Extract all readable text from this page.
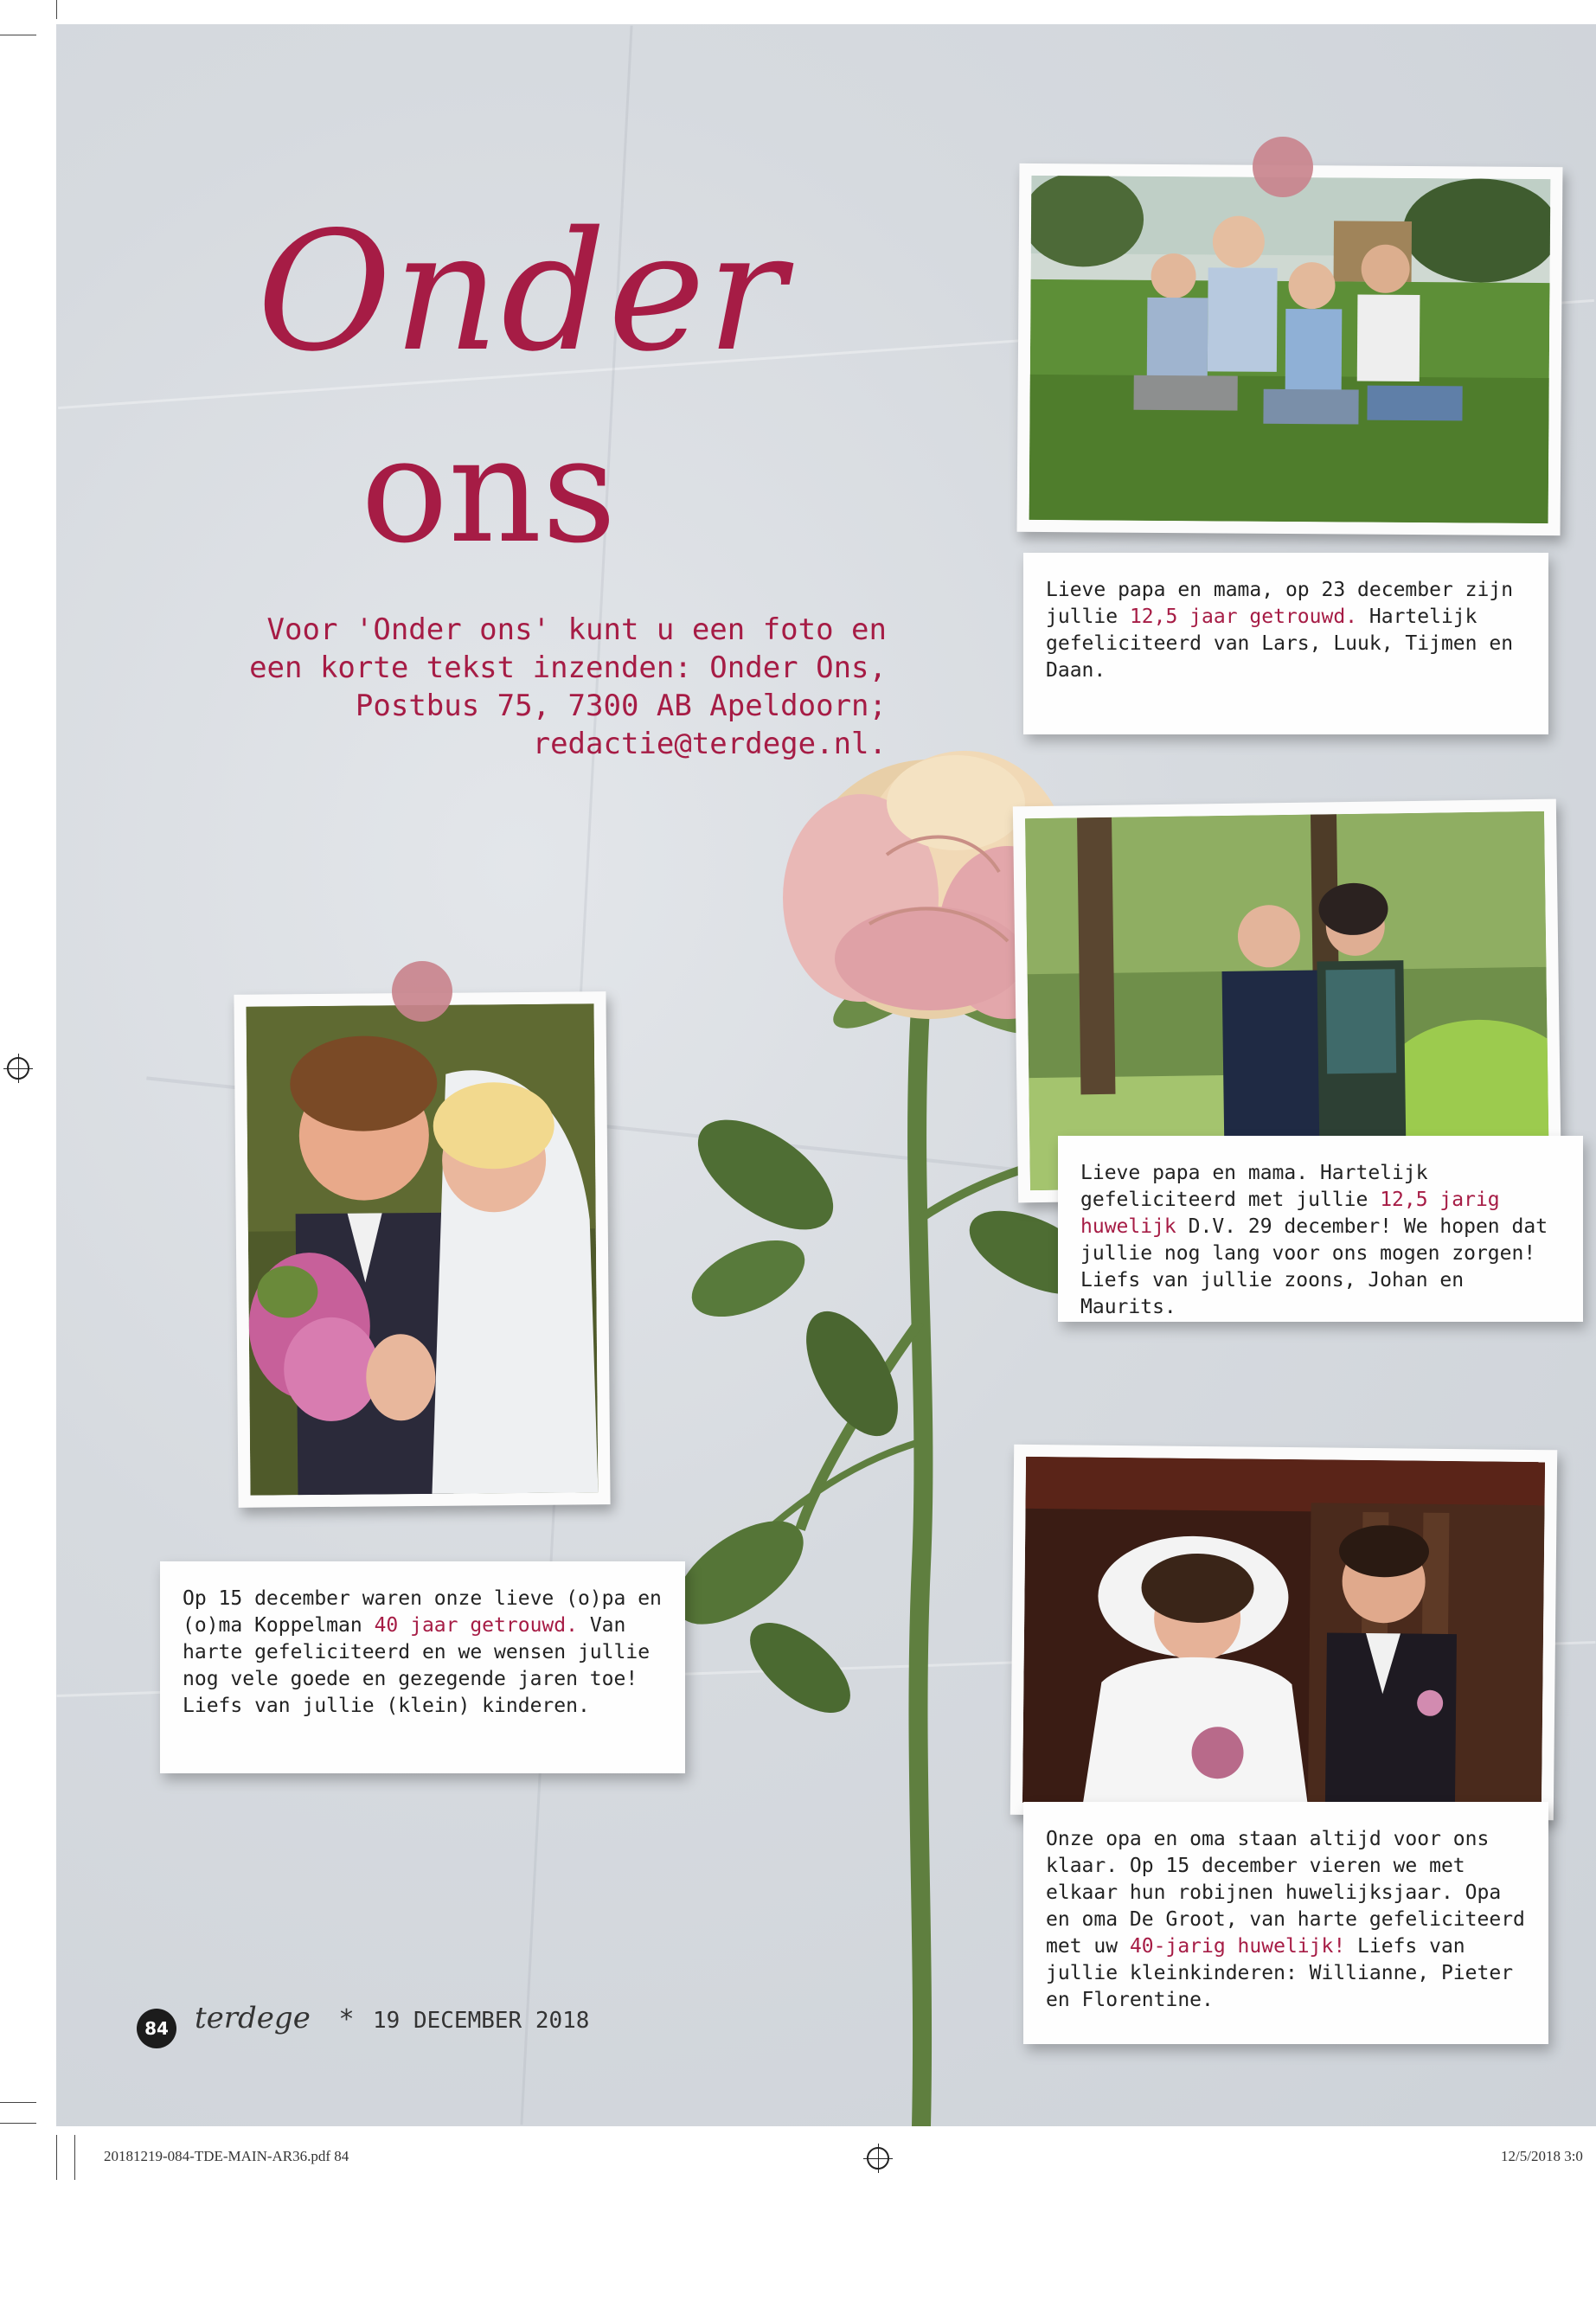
Onder
ons

Voor 'Onder ons' kunt u een foto en een korte tekst inzenden: Onder Ons, Postbus 75, 7300 AB Apeldoorn; redactie@terdege.nl.

Lieve papa en mama, op 23 december zijn jullie 12,5 jaar getrouwd. Hartelijk gefeliciteerd van Lars, Luuk, Tijmen en Daan.
Lieve papa en mama. Hartelijk gefeliciteerd met jullie 12,5 jarig huwelijk D.V. 29 december! We hopen dat jullie nog lang voor ons mogen zorgen! Liefs van jullie zoons, Johan en Maurits.
Op 15 december waren onze lieve (o)pa en (o)ma Koppelman 40 jaar getrouwd. Van harte gefeliciteerd en we wensen jullie nog vele goede en gezegende jaren toe! Liefs van jullie (klein) kinderen.
Onze opa en oma staan altijd voor ons klaar. Op 15 december vieren we met elkaar hun robijnen huwelijksjaar. Opa en oma De Groot, van harte gefeliciteerd met uw 40-jarig huwelijk! Liefs van jullie kleinkinderen: Willianne, Pieter en Florentine.
84 terdege * 19 DECEMBER 2018
20181219-084-TDE-MAIN-AR36.pdf 84	12/5/2018 3:0
